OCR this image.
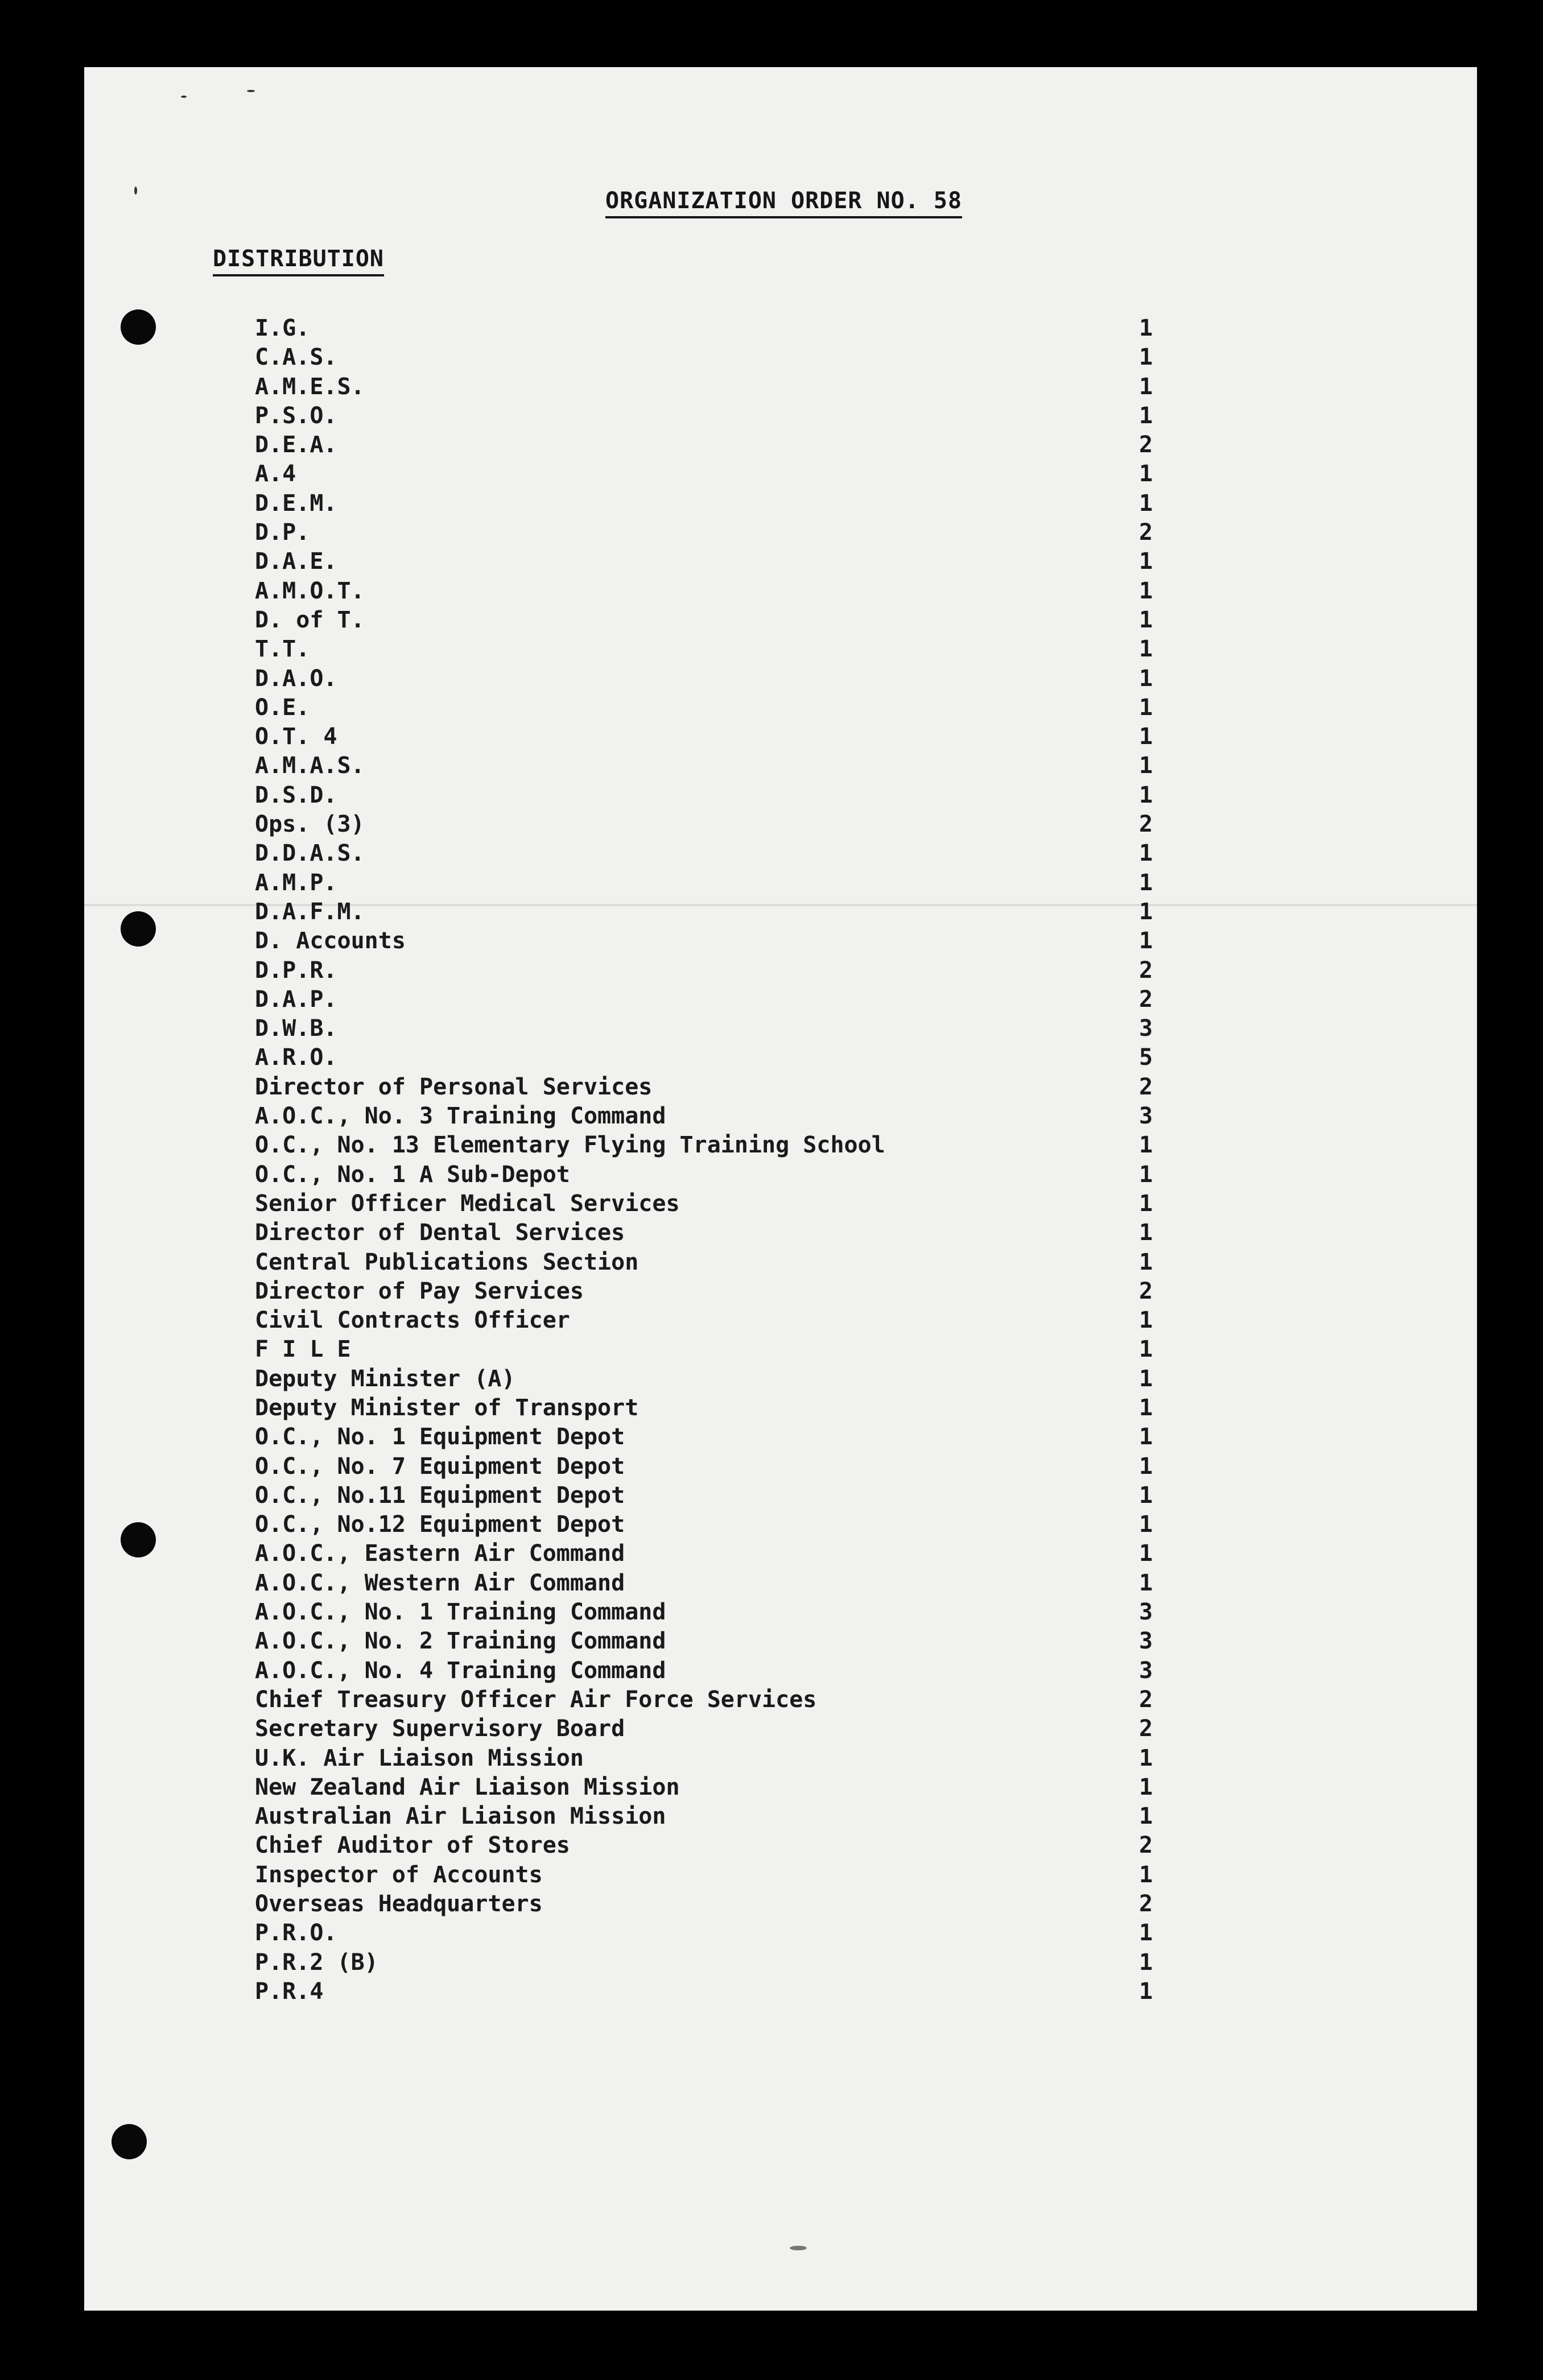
ORGANIZATION ORDER NO. 58
DISTRIBUTION
I.G.	1
C.A.S.	1
A.M.E.S.	1
P.S.O.	1
D.E.A.	2
A.4	1
D.E.M.	1
D.P.	2
D.A.E.	1
A.M.O.T.	1
D. of T.	1
T.T.	1
D.A.O.	1
O.E.	1
O.T. 4	1
A.M.A.S.	1
D.S.D.	1
Ops. (3)	2
D.D.A.S.	1
A.M.P.	1
D.A.F.M.	1
D. Accounts	1
D.P.R.	2
D.A.P.	2
D.W.B.	3
A.R.O.	5
Director of Personal Services	2
A.O.C., No. 3 Training Command	3
O.C., No. 13 Elementary Flying Training School	1
O.C., No. 1 A Sub-Depot	1
Senior Officer Medical Services	1
Director of Dental Services	1
Central Publications Section	1
Director of Pay Services	2
Civil Contracts Officer	1
F I L E	1
Deputy Minister (A)	1
Deputy Minister of Transport	1
O.C., No. 1 Equipment Depot	1
O.C., No. 7 Equipment Depot	1
O.C., No.11 Equipment Depot	1
O.C., No.12 Equipment Depot	1
A.O.C., Eastern Air Command	1
A.O.C., Western Air Command	1
A.O.C., No. 1 Training Command	3
A.O.C., No. 2 Training Command	3
A.O.C., No. 4 Training Command	3
Chief Treasury Officer Air Force Services	2
Secretary Supervisory Board	2
U.K. Air Liaison Mission	1
New Zealand Air Liaison Mission	1
Australian Air Liaison Mission	1
Chief Auditor of Stores	2
Inspector of Accounts	1
Overseas Headquarters	2
P.R.O.	1
P.R.2 (B)	1
P.R.4	1
